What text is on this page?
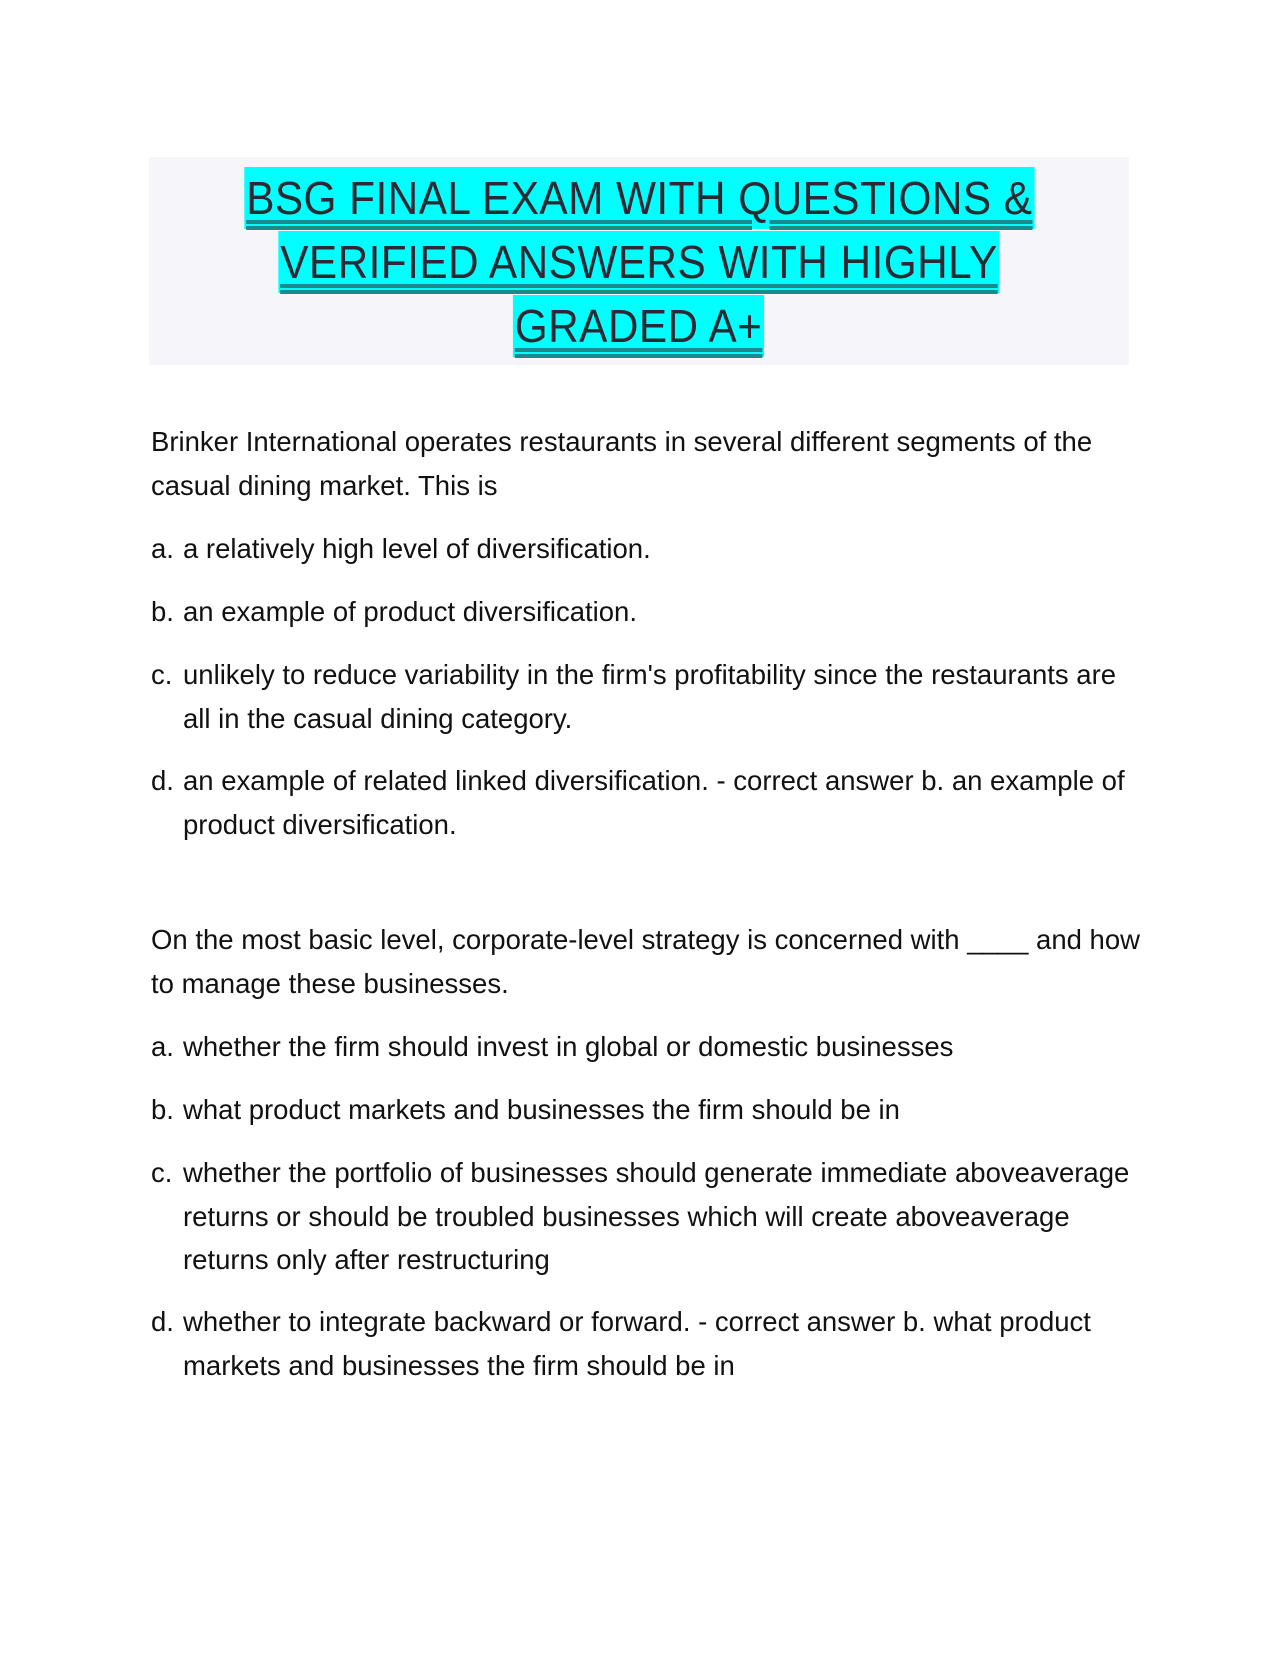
BSG FINAL EXAM WITH QUESTIONS &
VERIFIED ANSWERS WITH HIGHLY
GRADED A+
Brinker International operates restaurants in several different segments of the casual dining market. This is
a. a relatively high level of diversification.
b. an example of product diversification.
c. unlikely to reduce variability in the firm's profitability since the restaurants are all in the casual dining category.
d. an example of related linked diversification. - correct answer b. an example of product diversification.
On the most basic level, corporate-level strategy is concerned with ____ and how to manage these businesses.
a. whether the firm should invest in global or domestic businesses
b. what product markets and businesses the firm should be in
c. whether the portfolio of businesses should generate immediate aboveaverage returns or should be troubled businesses which will create aboveaverage returns only after restructuring
d. whether to integrate backward or forward. - correct answer b. what product markets and businesses the firm should be in
